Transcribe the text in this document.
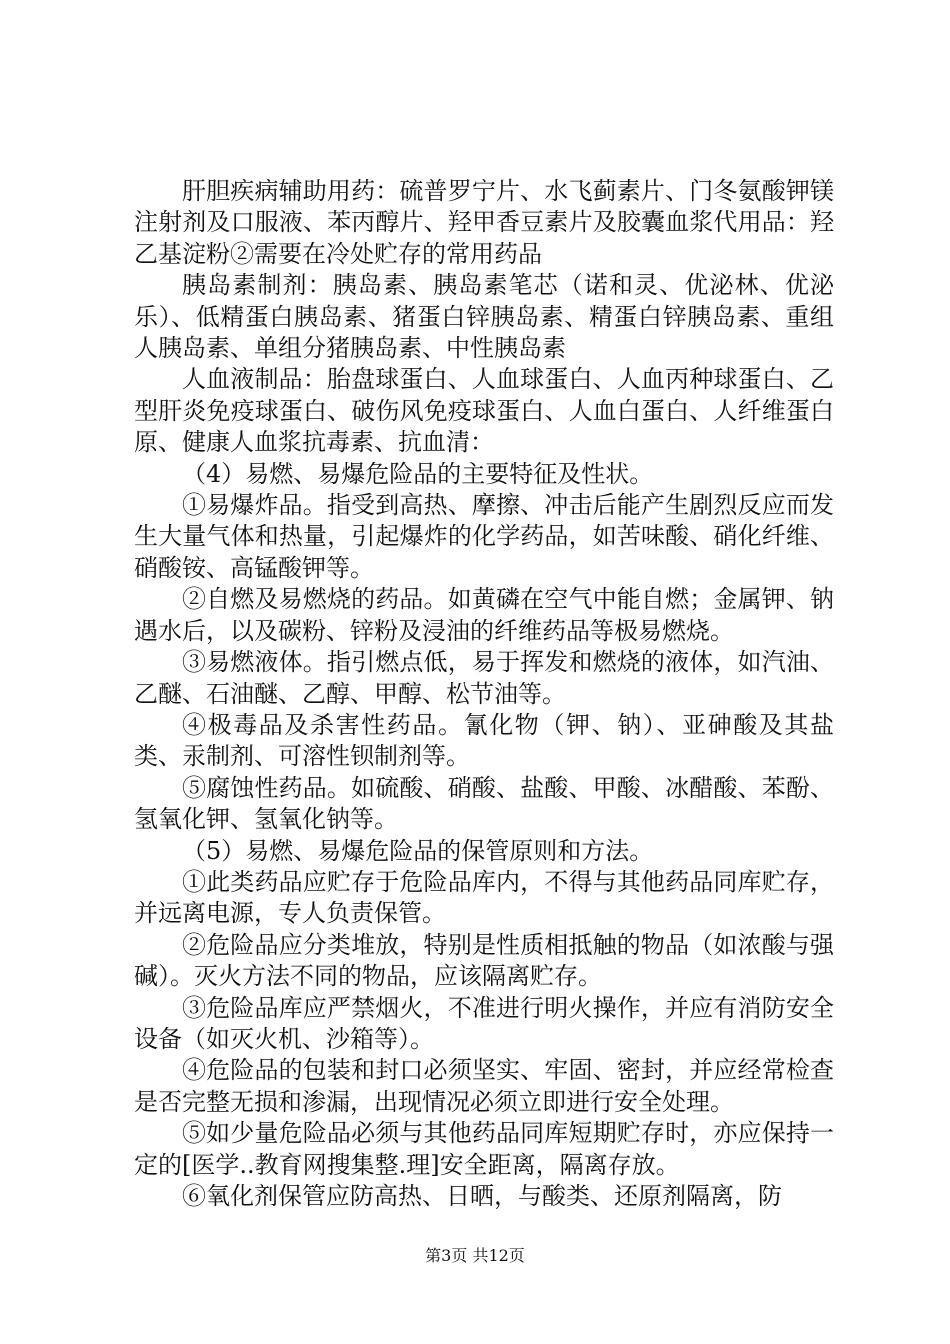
肝胆疾病辅助用药：硫普罗宁片、水飞蓟素片、门冬氨酸钾镁注射剂及口服液、苯丙醇片、羟甲香豆素片及胶囊血浆代用品：羟乙基淀粉②需要在冷处贮存的常用药品

胰岛素制剂：胰岛素、胰岛素笔芯（诺和灵、优泌林、优泌乐）、低精蛋白胰岛素、猪蛋白锌胰岛素、精蛋白锌胰岛素、重组人胰岛素、单组分猪胰岛素、中性胰岛素

人血液制品：胎盘球蛋白、人血球蛋白、人血丙种球蛋白、乙型肝炎免疫球蛋白、破伤风免疫球蛋白、人血白蛋白、人纤维蛋白原、健康人血浆抗毒素、抗血清：

（4）易燃、易爆危险品的主要特征及性状。

①易爆炸品。指受到高热、摩擦、冲击后能产生剧烈反应而发生大量气体和热量，引起爆炸的化学药品，如苦味酸、硝化纤维、硝酸铵、高锰酸钾等。

②自燃及易燃烧的药品。如黄磷在空气中能自燃；金属钾、钠遇水后，以及碳粉、锌粉及浸油的纤维药品等极易燃烧。

③易燃液体。指引燃点低，易于挥发和燃烧的液体，如汽油、乙醚、石油醚、乙醇、甲醇、松节油等。

④极毒品及杀害性药品。氰化物（钾、钠）、亚砷酸及其盐类、汞制剂、可溶性钡制剂等。

⑤腐蚀性药品。如硫酸、硝酸、盐酸、甲酸、冰醋酸、苯酚、氢氧化钾、氢氧化钠等。

（5）易燃、易爆危险品的保管原则和方法。

①此类药品应贮存于危险品库内，不得与其他药品同库贮存，并远离电源，专人负责保管。

②危险品应分类堆放，特别是性质相抵触的物品（如浓酸与强碱）。灭火方法不同的物品，应该隔离贮存。

③危险品库应严禁烟火，不准进行明火操作，并应有消防安全设备（如灭火机、沙箱等）。

④危险品的包装和封口必须坚实、牢固、密封，并应经常检查是否完整无损和渗漏，出现情况必须立即进行安全处理。

⑤如少量危险品必须与其他药品同库短期贮存时，亦应保持一定的[医学..教育网搜集整.理]安全距离，隔离存放。

⑥氧化剂保管应防高热、日晒，与酸类、还原剂隔离，防

第3页 共12页
